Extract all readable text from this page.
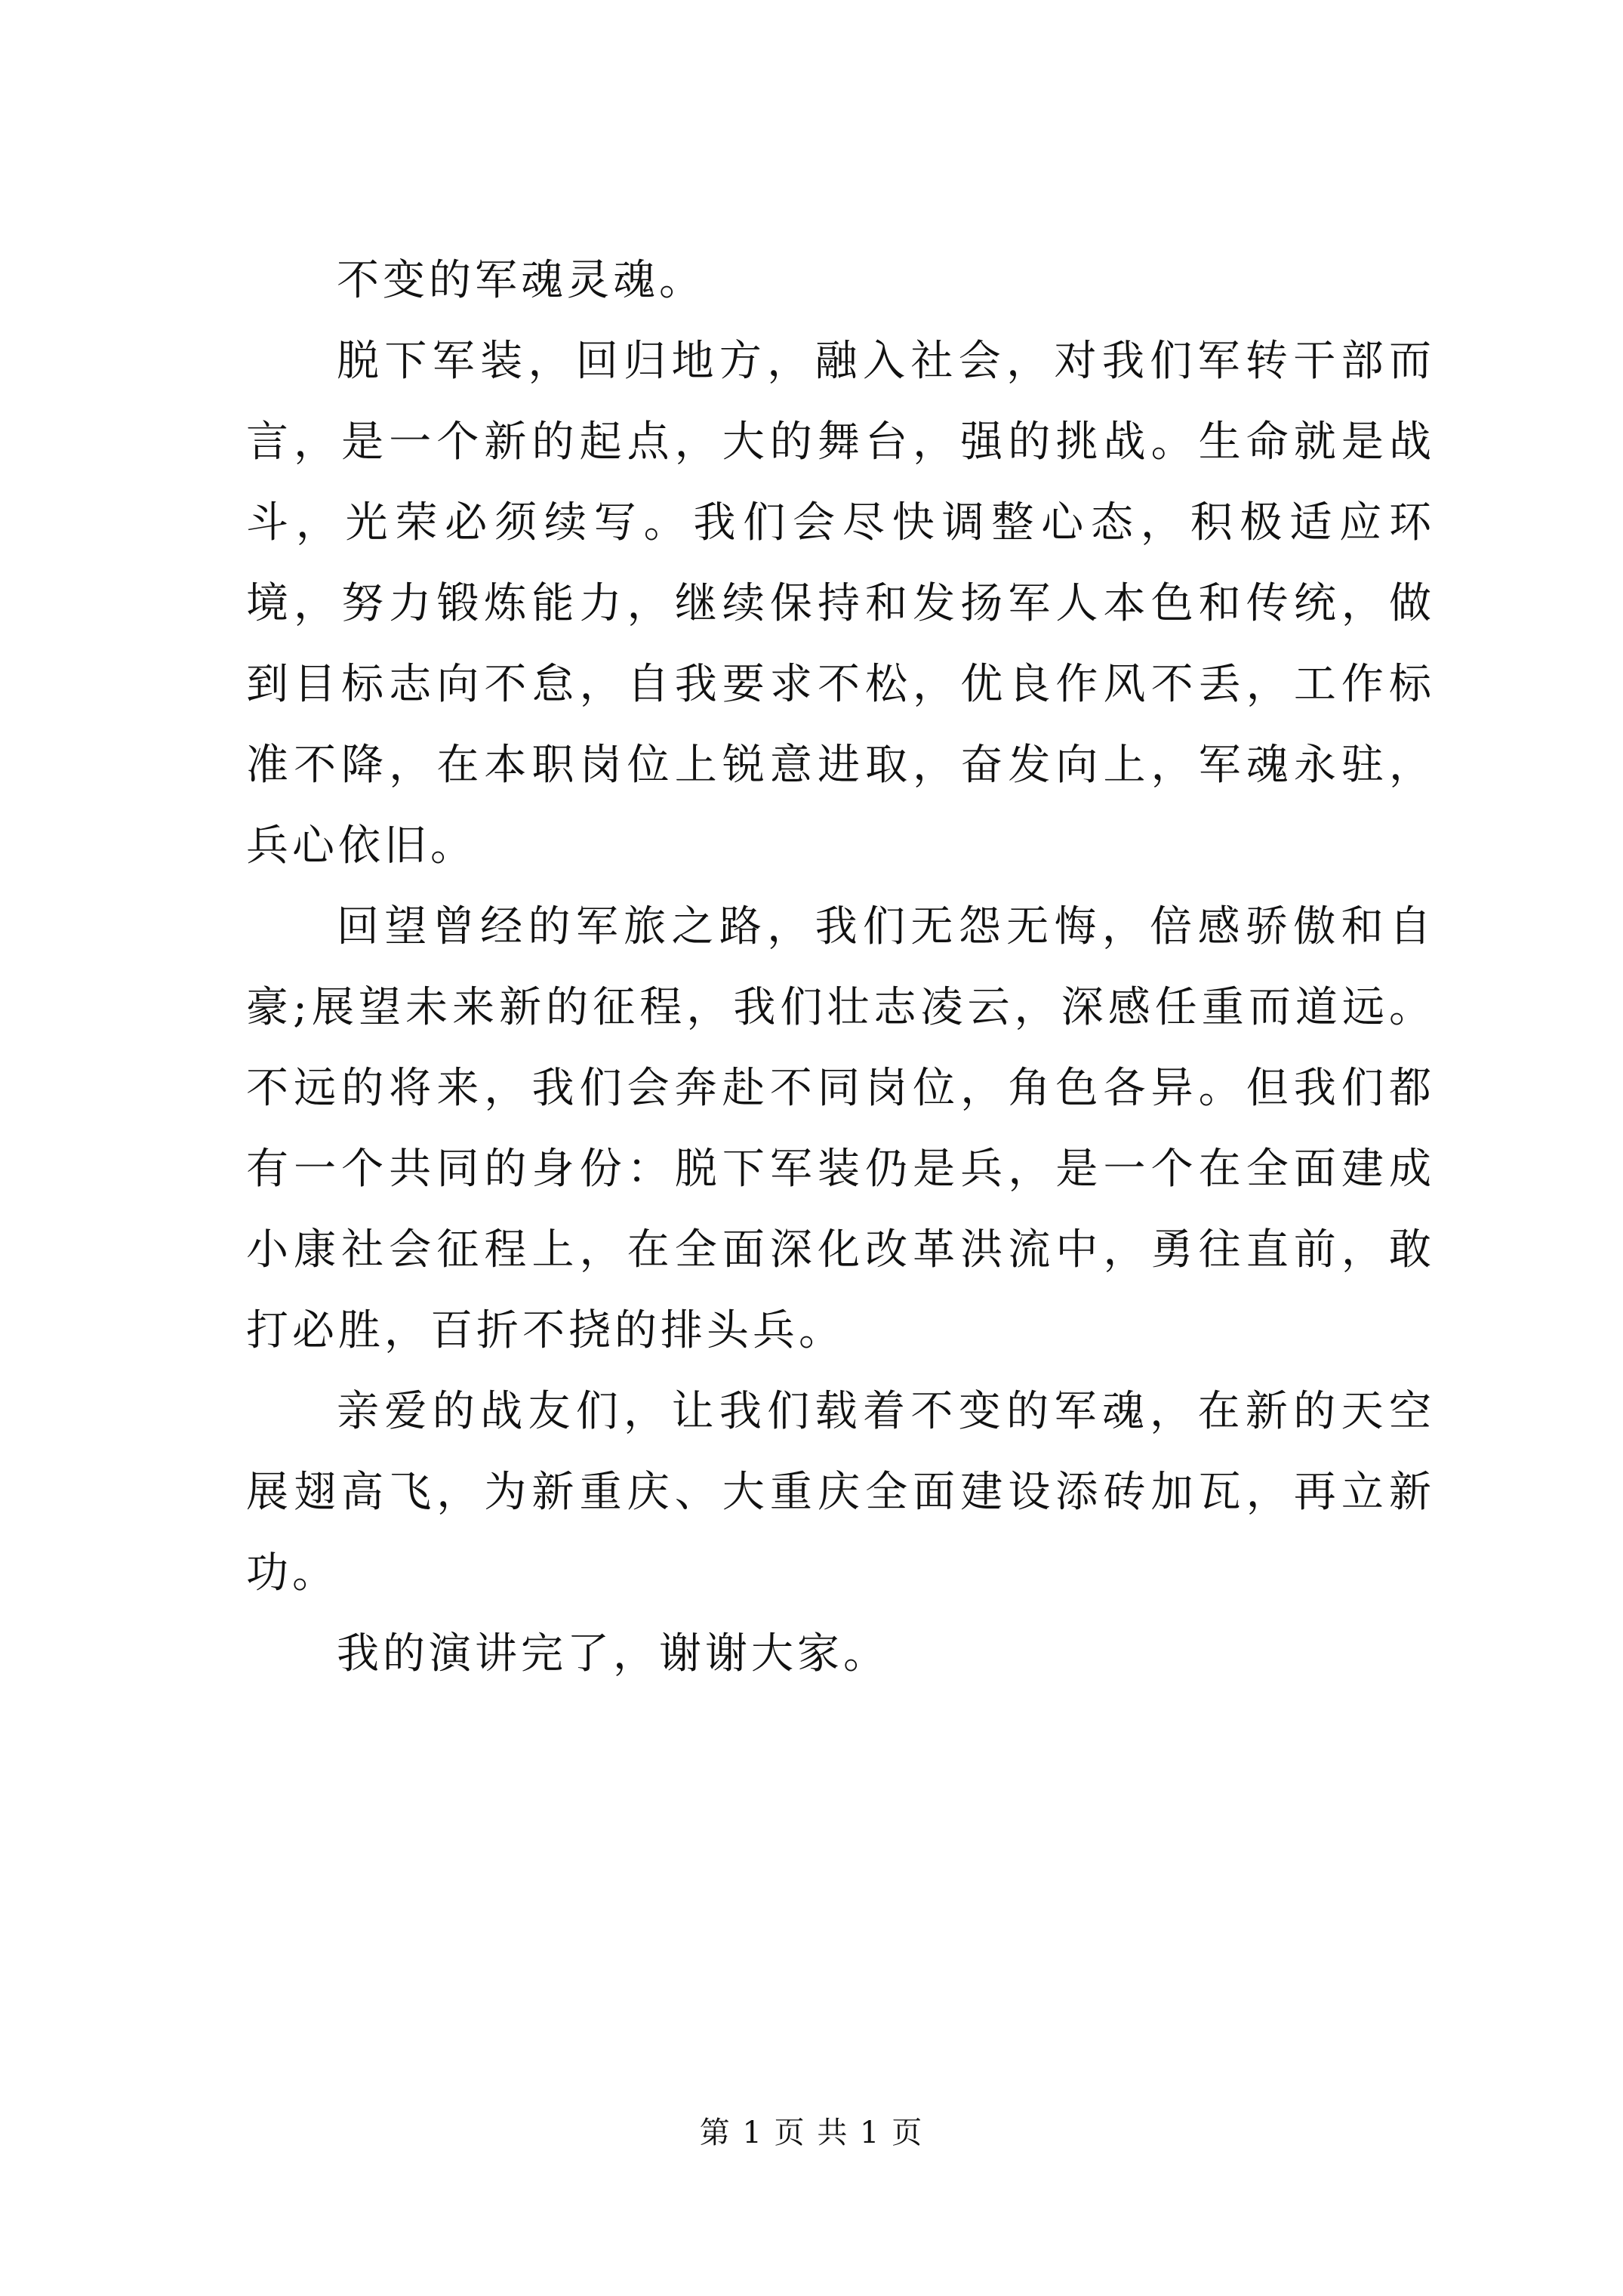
不变的军魂灵魂。

脱下军装，回归地方，融入社会，对我们军转干部而言，是一个新的起点，大的舞台，强的挑战。生命就是战斗，光荣必须续写。我们会尽快调整心态，积极适应环境，努力锻炼能力，继续保持和发扬军人本色和传统，做到目标志向不怠，自我要求不松，优良作风不丢，工作标准不降，在本职岗位上锐意进取，奋发向上，军魂永驻，兵心依旧。

回望曾经的军旅之路，我们无怨无悔，倍感骄傲和自豪;展望未来新的征程，我们壮志凌云，深感任重而道远。不远的将来，我们会奔赴不同岗位，角色各异。但我们都有一个共同的身份：脱下军装仍是兵，是一个在全面建成小康社会征程上，在全面深化改革洪流中，勇往直前，敢打必胜，百折不挠的排头兵。

亲爱的战友们，让我们载着不变的军魂，在新的天空展翅高飞，为新重庆、大重庆全面建设添砖加瓦，再立新功。

我的演讲完了，谢谢大家。

第 1 页 共 1 页
